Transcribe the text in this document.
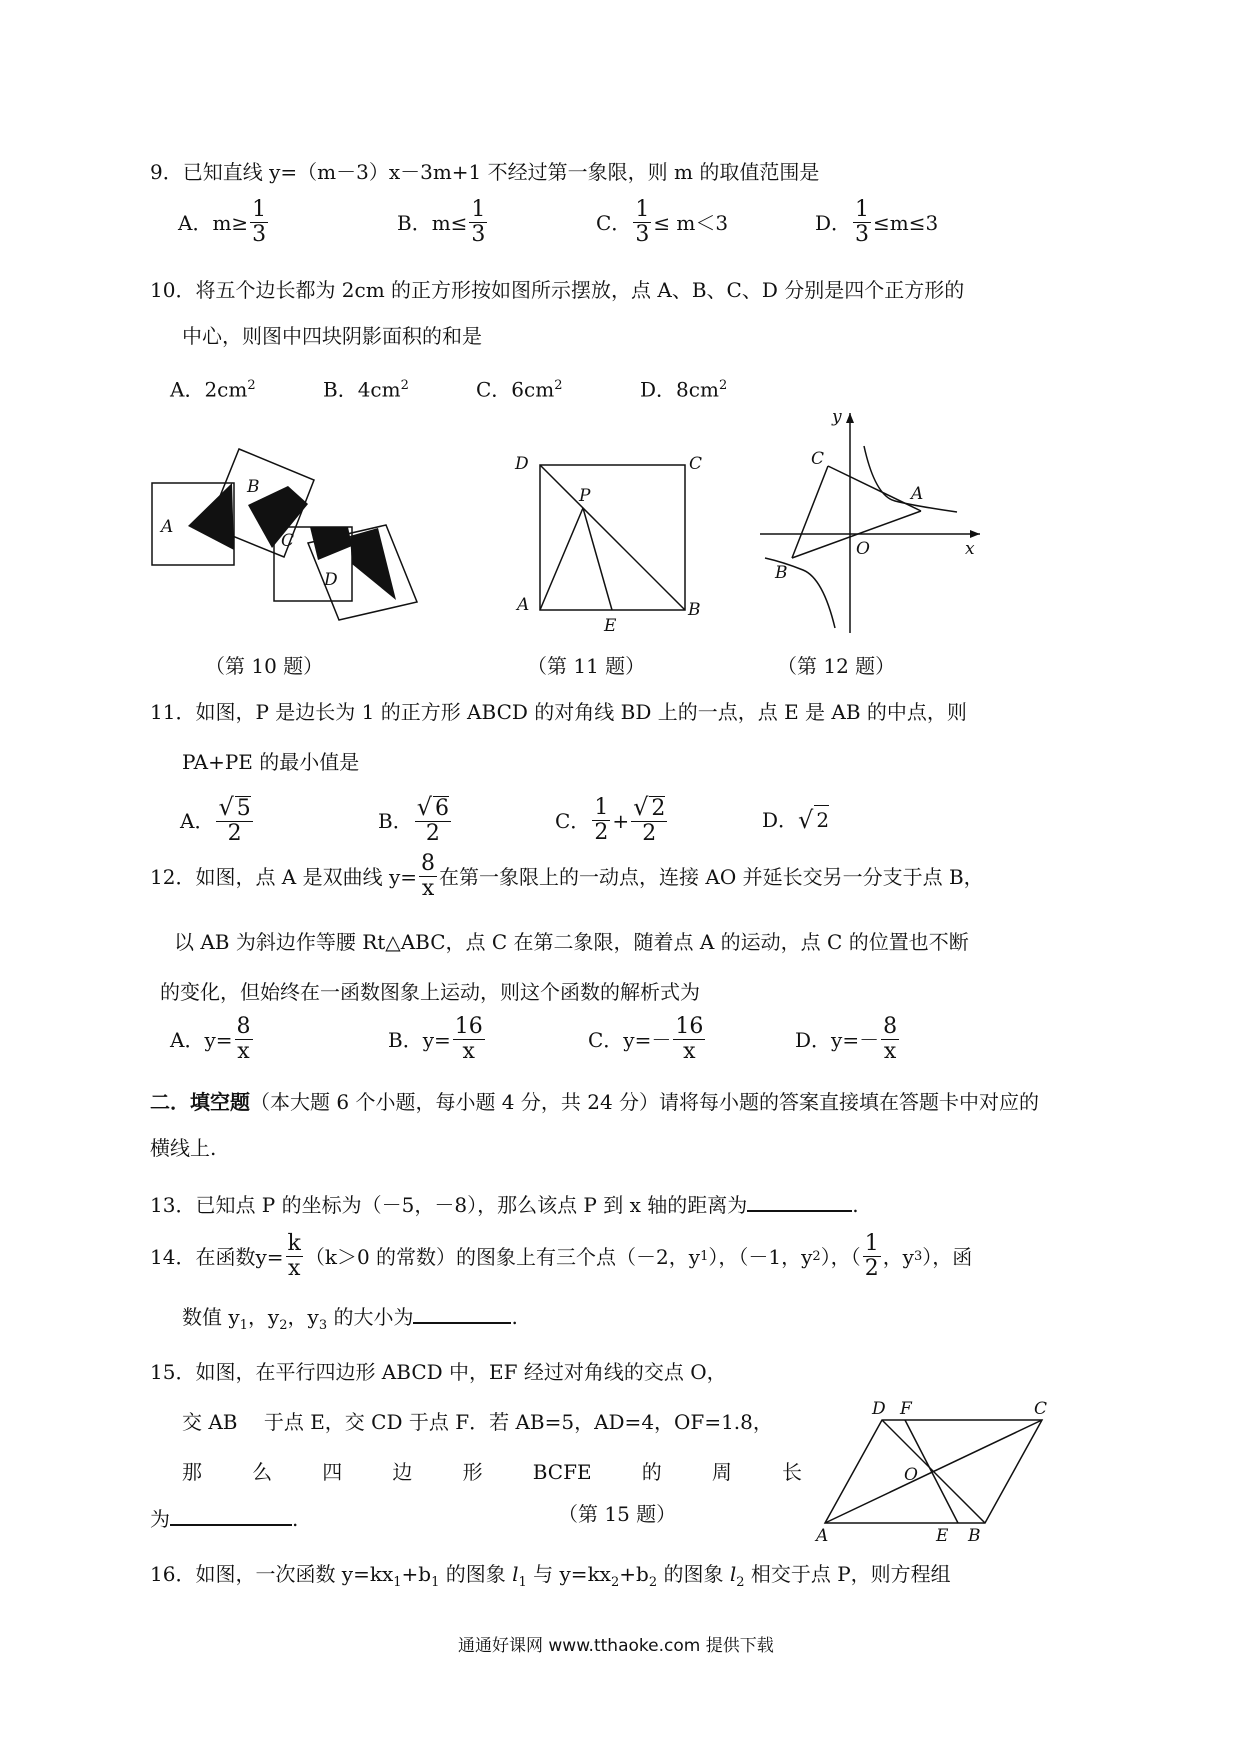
9．已知直线 y=（m－3）x－3m+1 不经过第一象限，则 m 的取值范围是
A．$m\ge \frac{1}{3}$	B．$m\le \frac{1}{3}$	C． $\frac{1}{3} \le m<3$	D． $\frac{1}{3} \le m\le 3$
10．将五个边长都为 2cm 的正方形按如图所示摆放，点 A、B、C、D 分别是四个正方形的
中心，则图中四块阴影面积的和是
A．$2cm^2$	B．$4cm^2$	C．$6cm^2$	D．$8cm^2$
A
B
C
D
（第 10 题）
D	C
P
A
E
B
（第 11 题）
y
C
A
O	x
B
（第 12 题）
11．如图，P 是边长为 1 的正方形 ABCD 的对角线 BD 上的一点，点 E 是 AB 的中点，则
PA+PE 的最小值是
A． $\frac{√ 5}{2}$	B． $\frac{√ 6}{2}$	C． $\frac{1}{2} + \frac{√ 2}{2}$	D． √ 2
12．如图，点 A 是双曲线 $y= \frac{8}{x}$ 在第一象限上的一动点，连接 AO 并延长交另一分支于点 B，
以 AB 为斜边作等腰 Rt△ABC，点 C 在第二象限，随着点 A 的运动，点 C 的位置也不断
的变化，但始终在一函数图象上运动，则这个函数的解析式为
A．$y= \frac{8}{x}$	B．$y= \frac{16}{x}$	C．$y=- \frac{16}{x}$	D．$y=- \frac{8}{x}$
二．填空题（本大题 6 个小题，每小题 4 分，共 24 分）请将每小题的答案直接填在答题卡中对应的
横线上.
13．已知点 P 的坐标为（－5，－8），那么该点 P 到 x 轴的距离为	.
14．在函数 $y= \frac{k}{x} (k>0$ 的常数）的图象上有三个点（－2，y 1 ），（－1，y 2 ），（ $\frac{1}{2}$ ，y 3 ），函
数值 $y_1$，$y_2$，$y_3$ 的大小为	.
15．如图，在平行四边形 ABCD 中，EF 经过对角线的交点 O，
交 AB　 于点 E，交 CD 于点 F．若 AB=5，AD=4，OF=1.8，
那	么	四	边	形	BCFE	的	周	长
为	.	（第 15 题）
D F	C
O
A	E B
16．如图，一次函数 $y=kx_1+b_1$ 的图象 $l_1$ 与 $y=kx_2+b_2$ 的图象 $l_2$ 相交于点 P，则方程组
通通好课网 www.tthaoke.com 提供下载
